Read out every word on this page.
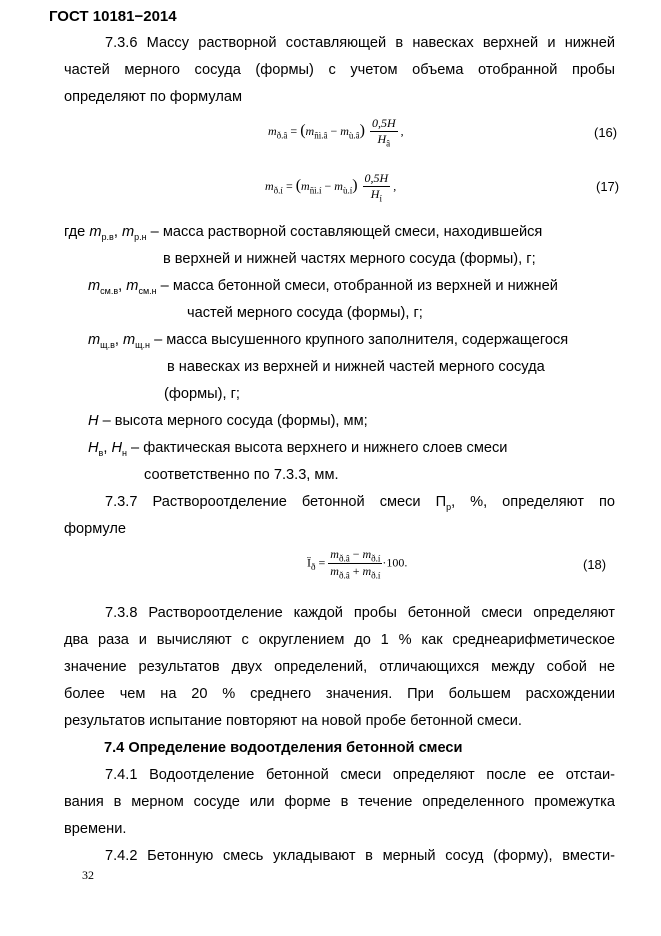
ГОСТ 10181−2014
7.3.6 Массу растворной составляющей в навесках верхней и нижней
частей мерного сосуда (формы) с учетом объема отобранной пробы
определяют по формулам
$m_{ð.â} = (m_{ñì.â} - m_{ù.â}) \frac{0,5H}{H_â}$ ,	(16)
$m_{ð.í} = (m_{ñì.í} - m_{ù.í}) \frac{0,5H}{H_í}$ ,	(17)
где $m_{р.в}$, $m_{р.н}$ – масса растворной составляющей смеси, находившейся
в верхней и нижней частях мерного сосуда (формы), г;
$m_{см.в}$, $m_{см.н}$ – масса бетонной смеси, отобранной из верхней и нижней
частей мерного сосуда (формы), г;
$m_{щ.в}$, $m_{щ.н}$ – масса высушенного крупного заполнителя, содержащегося
в навесках из верхней и нижней частей мерного сосуда
(формы), г;
H – высота мерного сосуда (формы), мм;
$H_в$, $H_н$ – фактическая высота верхнего и нижнего слоев смеси
соответственно по 7.3.3, мм.
7.3.7 Раствороотделение бетонной смеси $П_р$, %, определяют по
формуле
$Ï_ð = \frac{m_{ð.â} - m_{ð.í}}{m_{ð.â} + m_{ð.í}} \cdot 100$.	(18)
7.3.8 Раствороотделение каждой пробы бетонной смеси определяют
два раза и вычисляют с округлением до 1 % как среднеарифметическое
значение результатов двух определений, отличающихся между собой не
более чем на 20 % среднего значения. При большем расхождении
результатов испытание повторяют на новой пробе бетонной смеси.
7.4 Определение водоотделения бетонной смеси
7.4.1 Водоотделение бетонной смеси определяют после ее отстаи-
вания в мерном сосуде или форме в течение определенного промежутка
времени.
7.4.2 Бетонную смесь укладывают в мерный сосуд (форму), вмести-
32
